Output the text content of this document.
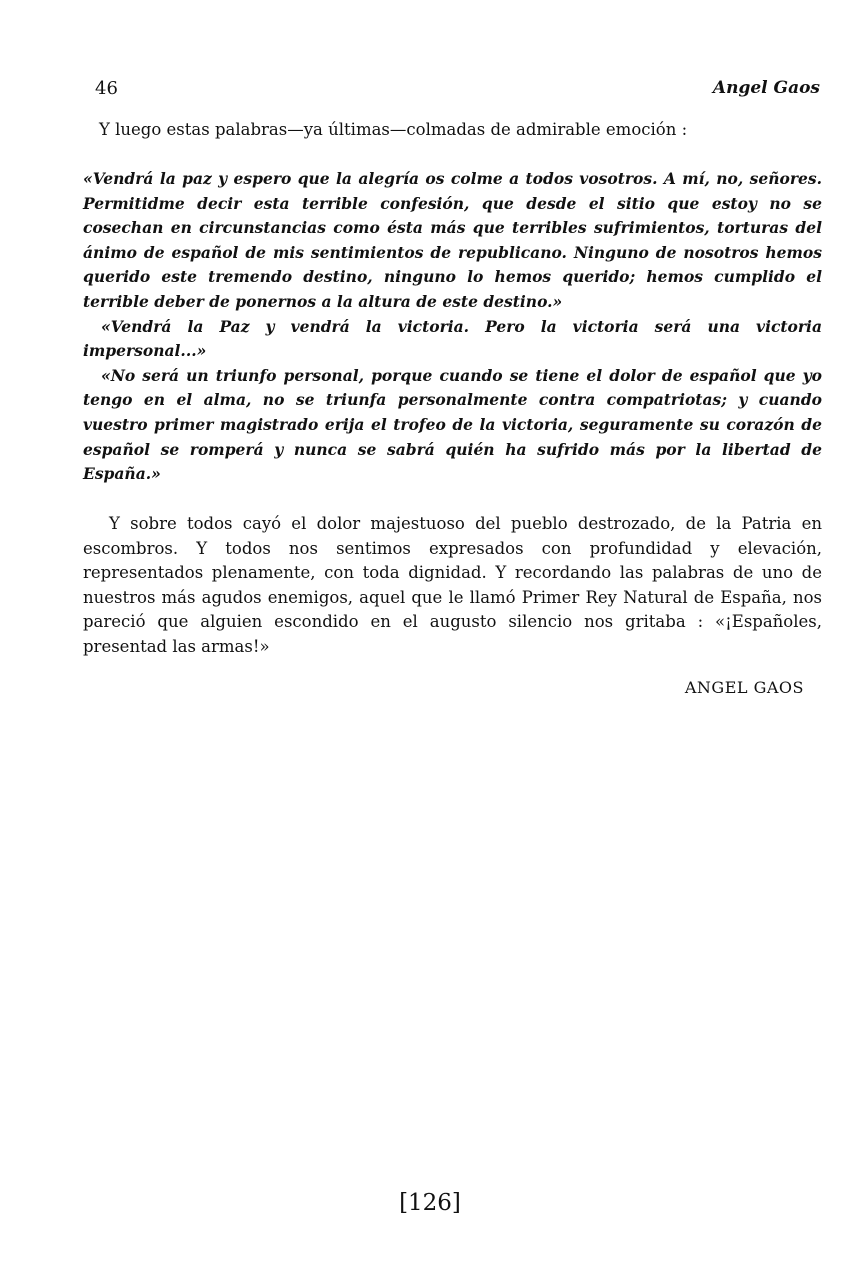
46	Angel Gaos

Y luego estas palabras—ya últimas—colmadas de admirable emoción :

«Vendrá la paz y espero que la alegría os colme a todos vosotros. A mí, no, señores. Permitidme decir esta terrible confesión, que desde el sitio que estoy no se cosechan en circunstancias como ésta más que terribles sufrimientos, torturas del ánimo de español de mis sentimientos de republicano. Ninguno de nosotros hemos querido este tremendo destino, ninguno lo hemos querido; hemos cumplido el terrible deber de ponernos a la altura de este destino.»

«Vendrá la Paz y vendrá la victoria. Pero la victoria será una victoria impersonal...»

«No será un triunfo personal, porque cuando se tiene el dolor de español que yo tengo en el alma, no se triunfa personalmente contra compatriotas; y cuando vuestro primer magistrado erija el trofeo de la victoria, seguramente su corazón de español se romperá y nunca se sabrá quién ha sufrido más por la libertad de España.»

Y sobre todos cayó el dolor majestuoso del pueblo destrozado, de la Patria en escombros. Y todos nos sentimos expresados con profundidad y elevación, representados plenamente, con toda dignidad. Y recordando las palabras de uno de nuestros más agudos enemigos, aquel que le llamó Primer Rey Natural de España, nos pareció que alguien escondido en el augusto silencio nos gritaba : «¡Españoles, presentad las armas!»

ANGEL GAOS
[126]
